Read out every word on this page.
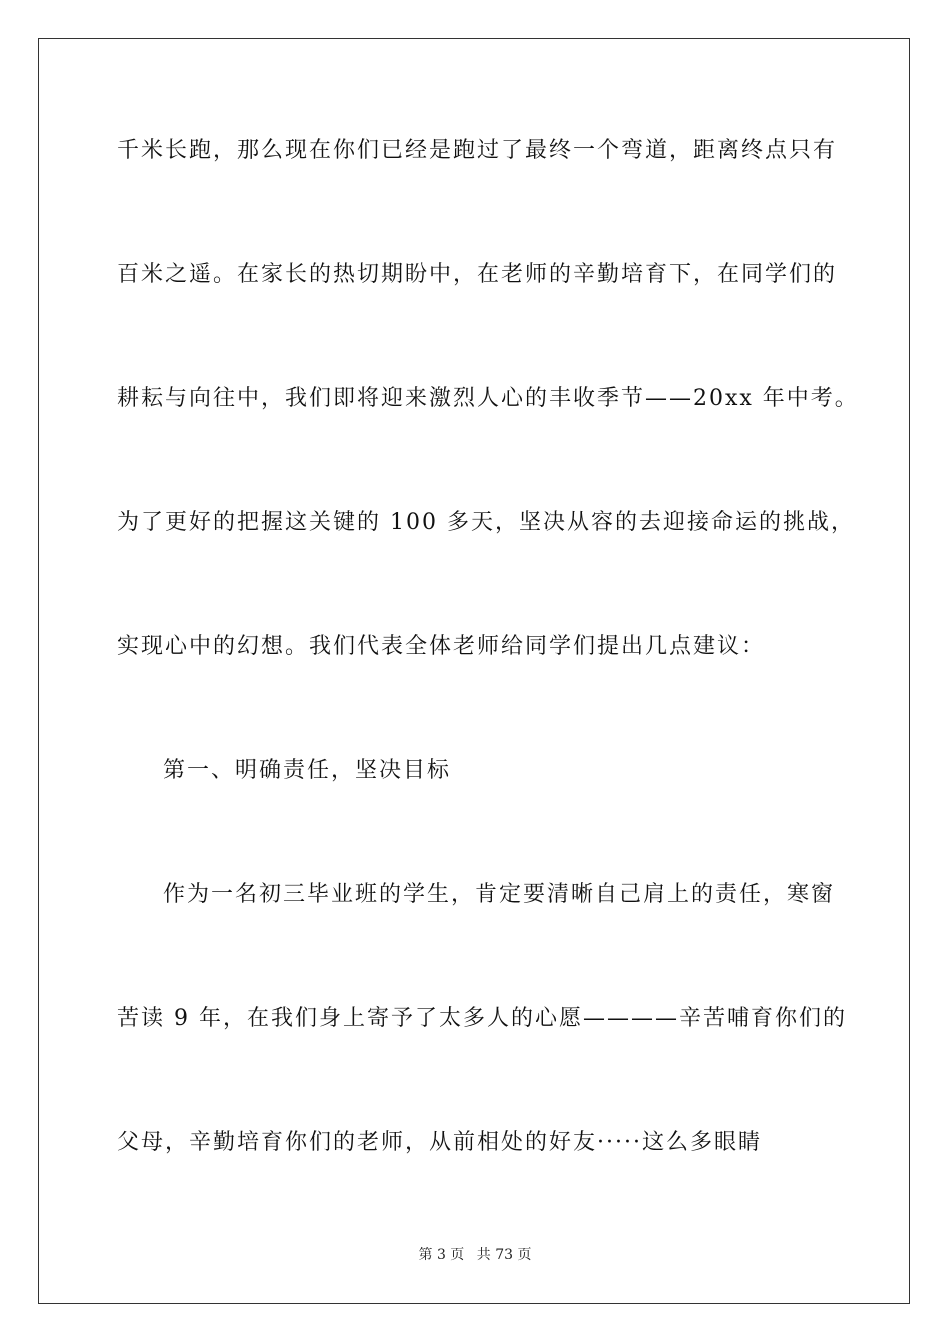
千米长跑，那么现在你们已经是跑过了最终一个弯道，距离终点只有
百米之遥。在家长的热切期盼中，在老师的辛勤培育下，在同学们的
耕耘与向往中，我们即将迎来激烈人心的丰收季节——20xx 年中考。
为了更好的把握这关键的 100 多天，坚决从容的去迎接命运的挑战，
实现心中的幻想。我们代表全体老师给同学们提出几点建议：
第一、明确责任，坚决目标
作为一名初三毕业班的学生，肯定要清晰自己肩上的责任，寒窗
苦读 9 年，在我们身上寄予了太多人的心愿————辛苦哺育你们的
父母，辛勤培育你们的老师，从前相处的好友·····这么多眼睛
第 3 页 共 73 页
